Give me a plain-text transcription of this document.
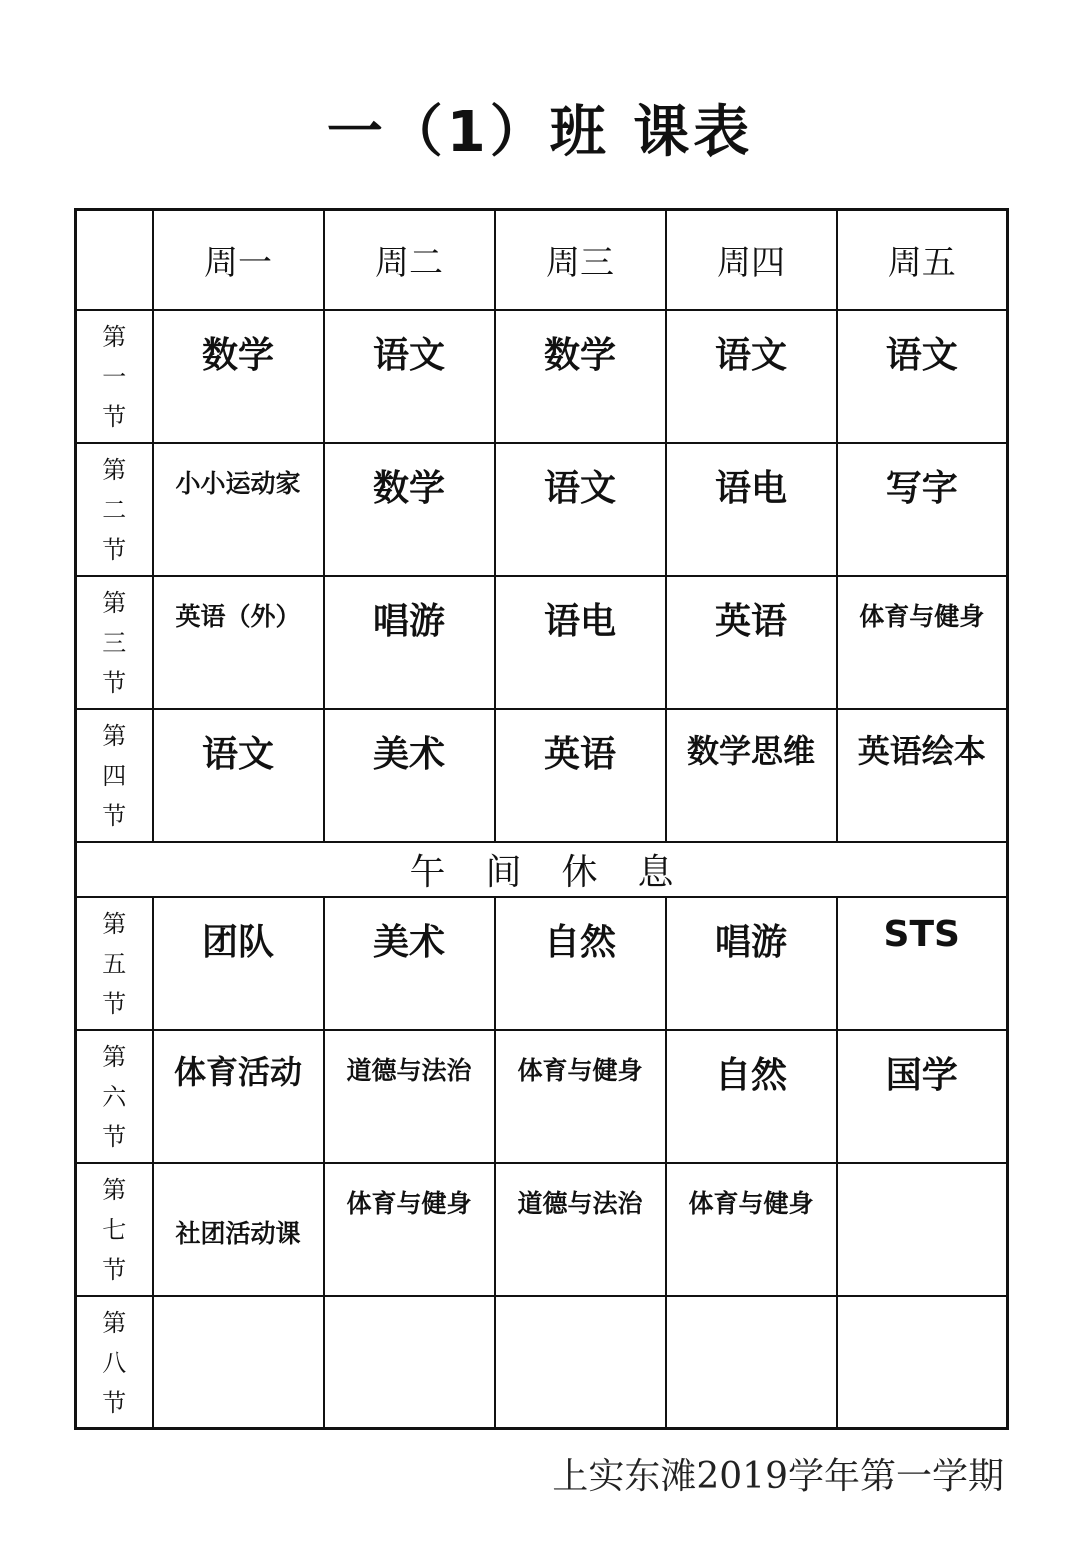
一（1）班 课表
	周一	周二	周三	周四	周五

第
一
节	数学	语文	数学	语文	语文

第
二
节	小小运动家	数学	语文	语电	写字

第
三
节	英语（外）	唱游	语电	英语	体育与健身

第
四
节	语文	美术	英语	数学思维	英语绘本

午间休息					

第
五
节	团队	美术	自然	唱游	STS

第
六
节	体育活动	道德与法治	体育与健身	自然	国学

第
七
节	社团活动课	体育与健身	道德与法治	体育与健身	

第
八
节					

上实东滩2019学年第一学期
